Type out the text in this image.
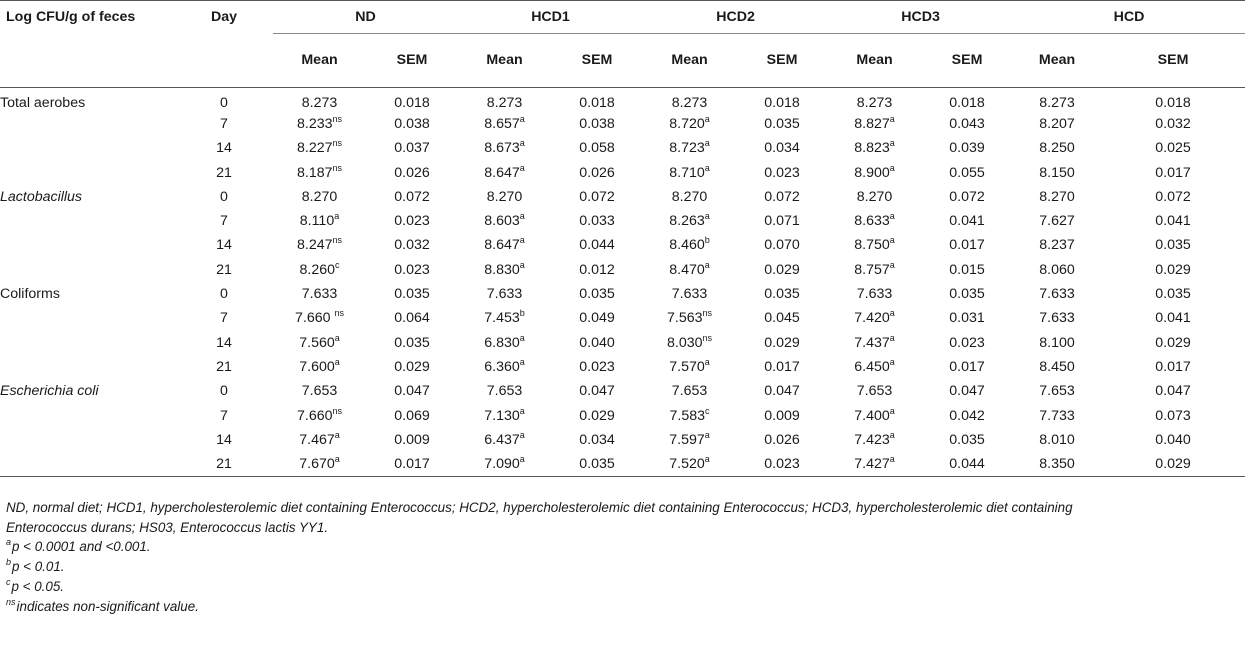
Log CFU/g of feces	Day	ND		HCD1		HCD2		HCD3		HCD	
		Mean	SEM	Mean	SEM	Mean	SEM	Mean	SEM	Mean	SEM
Total aerobes	0	8.273	0.018	8.273	0.018	8.273	0.018	8.273	0.018	8.273	0.018
	7	$8.233^{ns}$	0.038	8.657$^a$	0.038	8.720$^a$	0.035	8.827$^a$	0.043	8.207	0.032
	14	$8.227^{ns}$	0.037	8.673$^a$	0.058	8.723$^a$	0.034	8.823$^a$	0.039	8.250	0.025
	21	$8.187^{ns}$	0.026	8.647$^a$	0.026	8.710$^a$	0.023	8.900$^a$	0.055	8.150	0.017
Lactobacillus	0	8.270	0.072	8.270	0.072	8.270	0.072	8.270	0.072	8.270	0.072
	7	8.110$^a$	0.023	8.603$^a$	0.033	8.263$^a$	0.071	8.633$^a$	0.041	7.627	0.041
	14	$8.247^{ns}$	0.032	8.647$^a$	0.044	8.460$^b$	0.070	8.750$^a$	0.017	8.237	0.035
	21	8.260$^c$	0.023	8.830$^a$	0.012	8.470$^a$	0.029	8.757$^a$	0.015	8.060	0.029
Coliforms	0	7.633	0.035	7.633	0.035	7.633	0.035	7.633	0.035	7.633	0.035
	7	7.660 $^{ns}$	0.064	7.453$^b$	0.049	$7.563^{ns}$	0.045	7.420$^a$	0.031	7.633	0.041
	14	7.560$^a$	0.035	6.830$^a$	0.040	$8.030^{ns}$	0.029	7.437$^a$	0.023	8.100	0.029
	21	7.600$^a$	0.029	6.360$^a$	0.023	7.570$^a$	0.017	6.450$^a$	0.017	8.450	0.017
Escherichia coli	0	7.653	0.047	7.653	0.047	7.653	0.047	7.653	0.047	7.653	0.047
	7	$7.660^{ns}$	0.069	7.130$^a$	0.029	7.583$^c$	0.009	7.400$^a$	0.042	7.733	0.073
	14	7.467$^a$	0.009	6.437$^a$	0.034	7.597$^a$	0.026	7.423$^a$	0.035	8.010	0.040
	21	7.670$^a$	0.017	7.090$^a$	0.035	7.520$^a$	0.023	7.427$^a$	0.044	8.350	0.029

ND, normal diet; HCD1, hypercholesterolemic diet containing Enterococcus; HCD2, hypercholesterolemic diet containing Enterococcus; HCD3, hypercholesterolemic diet containing Enterococcus durans; HS03, Enterococcus lactis YY1.

$^a$p < 0.0001 and <0.001.

$^b$p < 0.01.

$^c$p < 0.05.

$^{ns}$indicates non-significant value.
